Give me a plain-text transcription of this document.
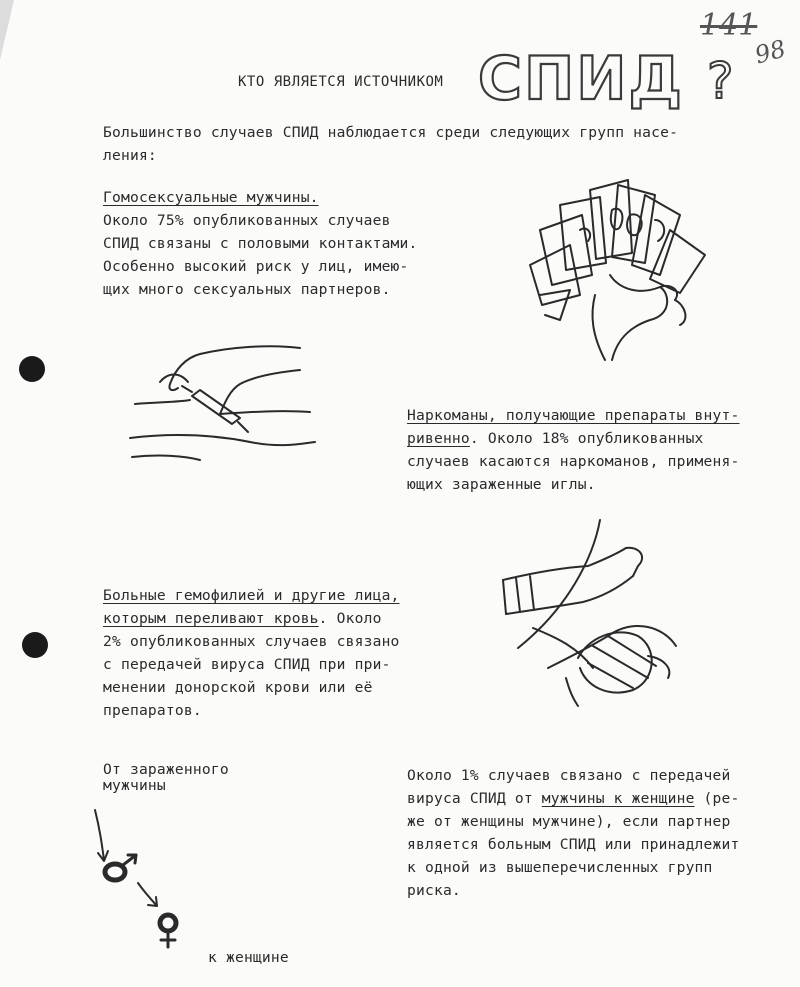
141
98
КТО ЯВЛЯЕТСЯ ИСТОЧНИКОМ СПИД ?
Большинство случаев СПИД наблюдается среди следующих групп насе-
ления:
Гомосексуальные мужчины.
Около 75% опубликованных случаев
СПИД связаны с половыми контактами.
Особенно высокий риск у лиц, имею-
щих много сексуальных партнеров.
Наркоманы, получающие препараты внут-
ривенно. Около 18% опубликованных
случаев касаются наркоманов, применя-
ющих зараженные иглы.
Больные гемофилией и другие лица,
которым переливают кровь. Около
2% опубликованных случаев связано
с передачей вируса СПИД при при-
менении донорской крови или её
препаратов.
Около 1% случаев связано с передачей
вируса СПИД от мужчины к женщине (ре-
же от женщины мужчине), если партнер
является больным СПИД или принадлежит
к одной из вышеперечисленных групп
риска.
От зараженного
мужчины
к женщине
